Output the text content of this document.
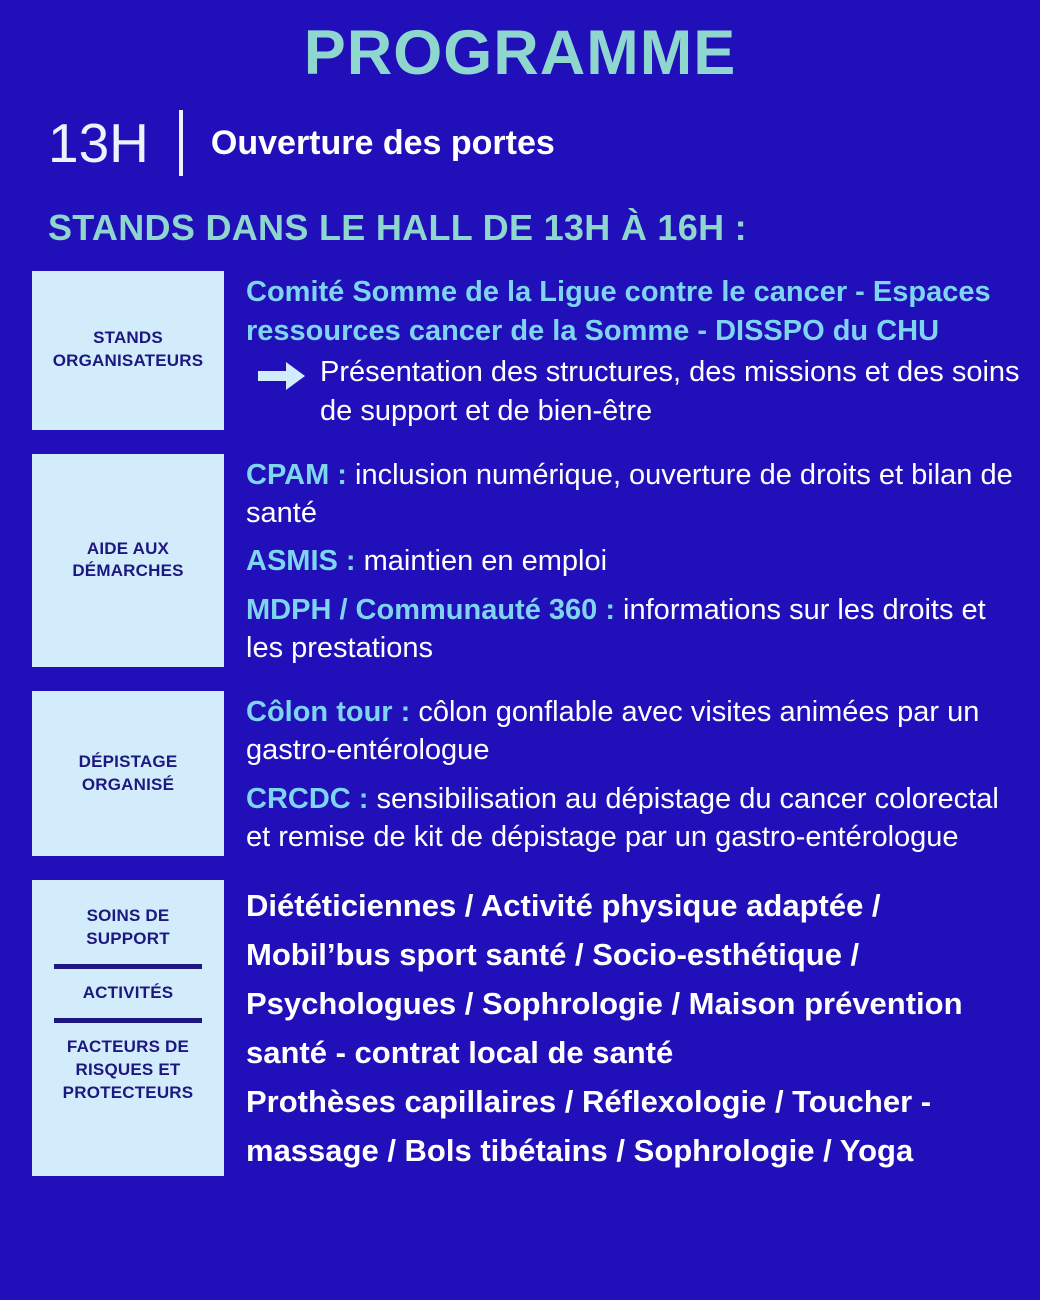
PROGRAMME
13H Ouverture des portes
STANDS DANS LE HALL DE 13H À 16H :
STANDS
ORGANISATEURS
Comité Somme de la Ligue contre le cancer - Espaces ressources cancer de la Somme - DISSPO du CHU
Présentation des structures, des missions et des soins de support et de bien-être
AIDE AUX
DÉMARCHES
CPAM : inclusion numérique, ouverture de droits et bilan de santé
ASMIS : maintien en emploi
MDPH / Communauté 360 : informations sur les droits et les prestations
DÉPISTAGE
ORGANISÉ
Côlon tour : côlon gonflable avec visites animées par un gastro-entérologue
CRCDC : sensibilisation au dépistage du cancer colorectal et remise de kit de dépistage par un gastro-entérologue
SOINS DE
SUPPORT
ACTIVITÉS
FACTEURS DE
RISQUES ET
PROTECTEURS
Diététiciennes / Activité physique adaptée / Mobil’bus sport santé / Socio-esthétique / Psychologues / Sophrologie / Maison prévention santé - contrat local de santé
Prothèses capillaires / Réflexologie / Toucher - massage / Bols tibétains / Sophrologie / Yoga
